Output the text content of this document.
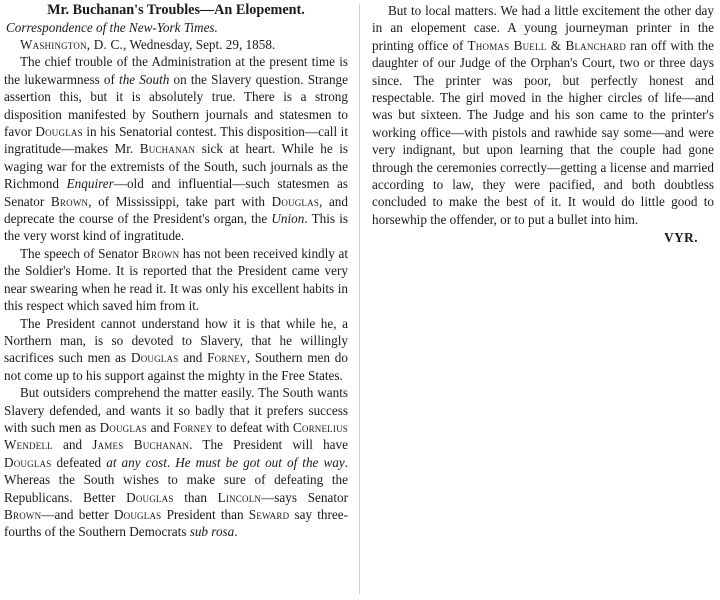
Mr. Buchanan's Troubles—An Elopement.

Correspondence of the New-York Times.

Washington, D. C., Wednesday, Sept. 29, 1858.

The chief trouble of the Administration at the present time is the lukewarmness of the South on the Slavery question. Strange assertion this, but it is absolutely true. There is a strong disposition manifested by Southern journals and statesmen to favor Douglas in his Senatorial contest. This disposition—call it ingratitude—makes Mr. Buchanan sick at heart. While he is waging war for the extremists of the South, such journals as the Richmond Enquirer—old and influential—such statesmen as Senator Brown, of Mississippi, take part with Douglas, and deprecate the course of the President's organ, the Union. This is the very worst kind of ingratitude.

The speech of Senator Brown has not been received kindly at the Soldier's Home. It is reported that the President came very near swearing when he read it. It was only his excellent habits in this respect which saved him from it.

The President cannot understand how it is that while he, a Northern man, is so devoted to Slavery, that he willingly sacrifices such men as Douglas and Forney, Southern men do not come up to his support against the mighty in the Free States.

But outsiders comprehend the matter easily. The South wants Slavery defended, and wants it so badly that it prefers success with such men as Douglas and Forney to defeat with Cornelius Wendell and James Buchanan. The President will have Douglas defeated at any cost. He must be got out of the way. Whereas the South wishes to make sure of defeating the Republicans. Better Douglas than Lincoln—says Senator Brown—and better Douglas President than Seward say three-fourths of the Southern Democrats sub rosa.

But to local matters. We had a little excitement the other day in an elopement case. A young journeyman printer in the printing office of Thomas Buell & Blanchard ran off with the daughter of our Judge of the Orphan's Court, two or three days since. The printer was poor, but perfectly honest and respectable. The girl moved in the higher circles of life—and was but sixteen. The Judge and his son came to the printer's working office—with pistols and rawhide say some—and were very indignant, but upon learning that the couple had gone through the ceremonies correctly—getting a license and married according to law, they were pacified, and both doubtless concluded to make the best of it. It would do little good to horsewhip the offender, or to put a bullet into him.

VYR.
